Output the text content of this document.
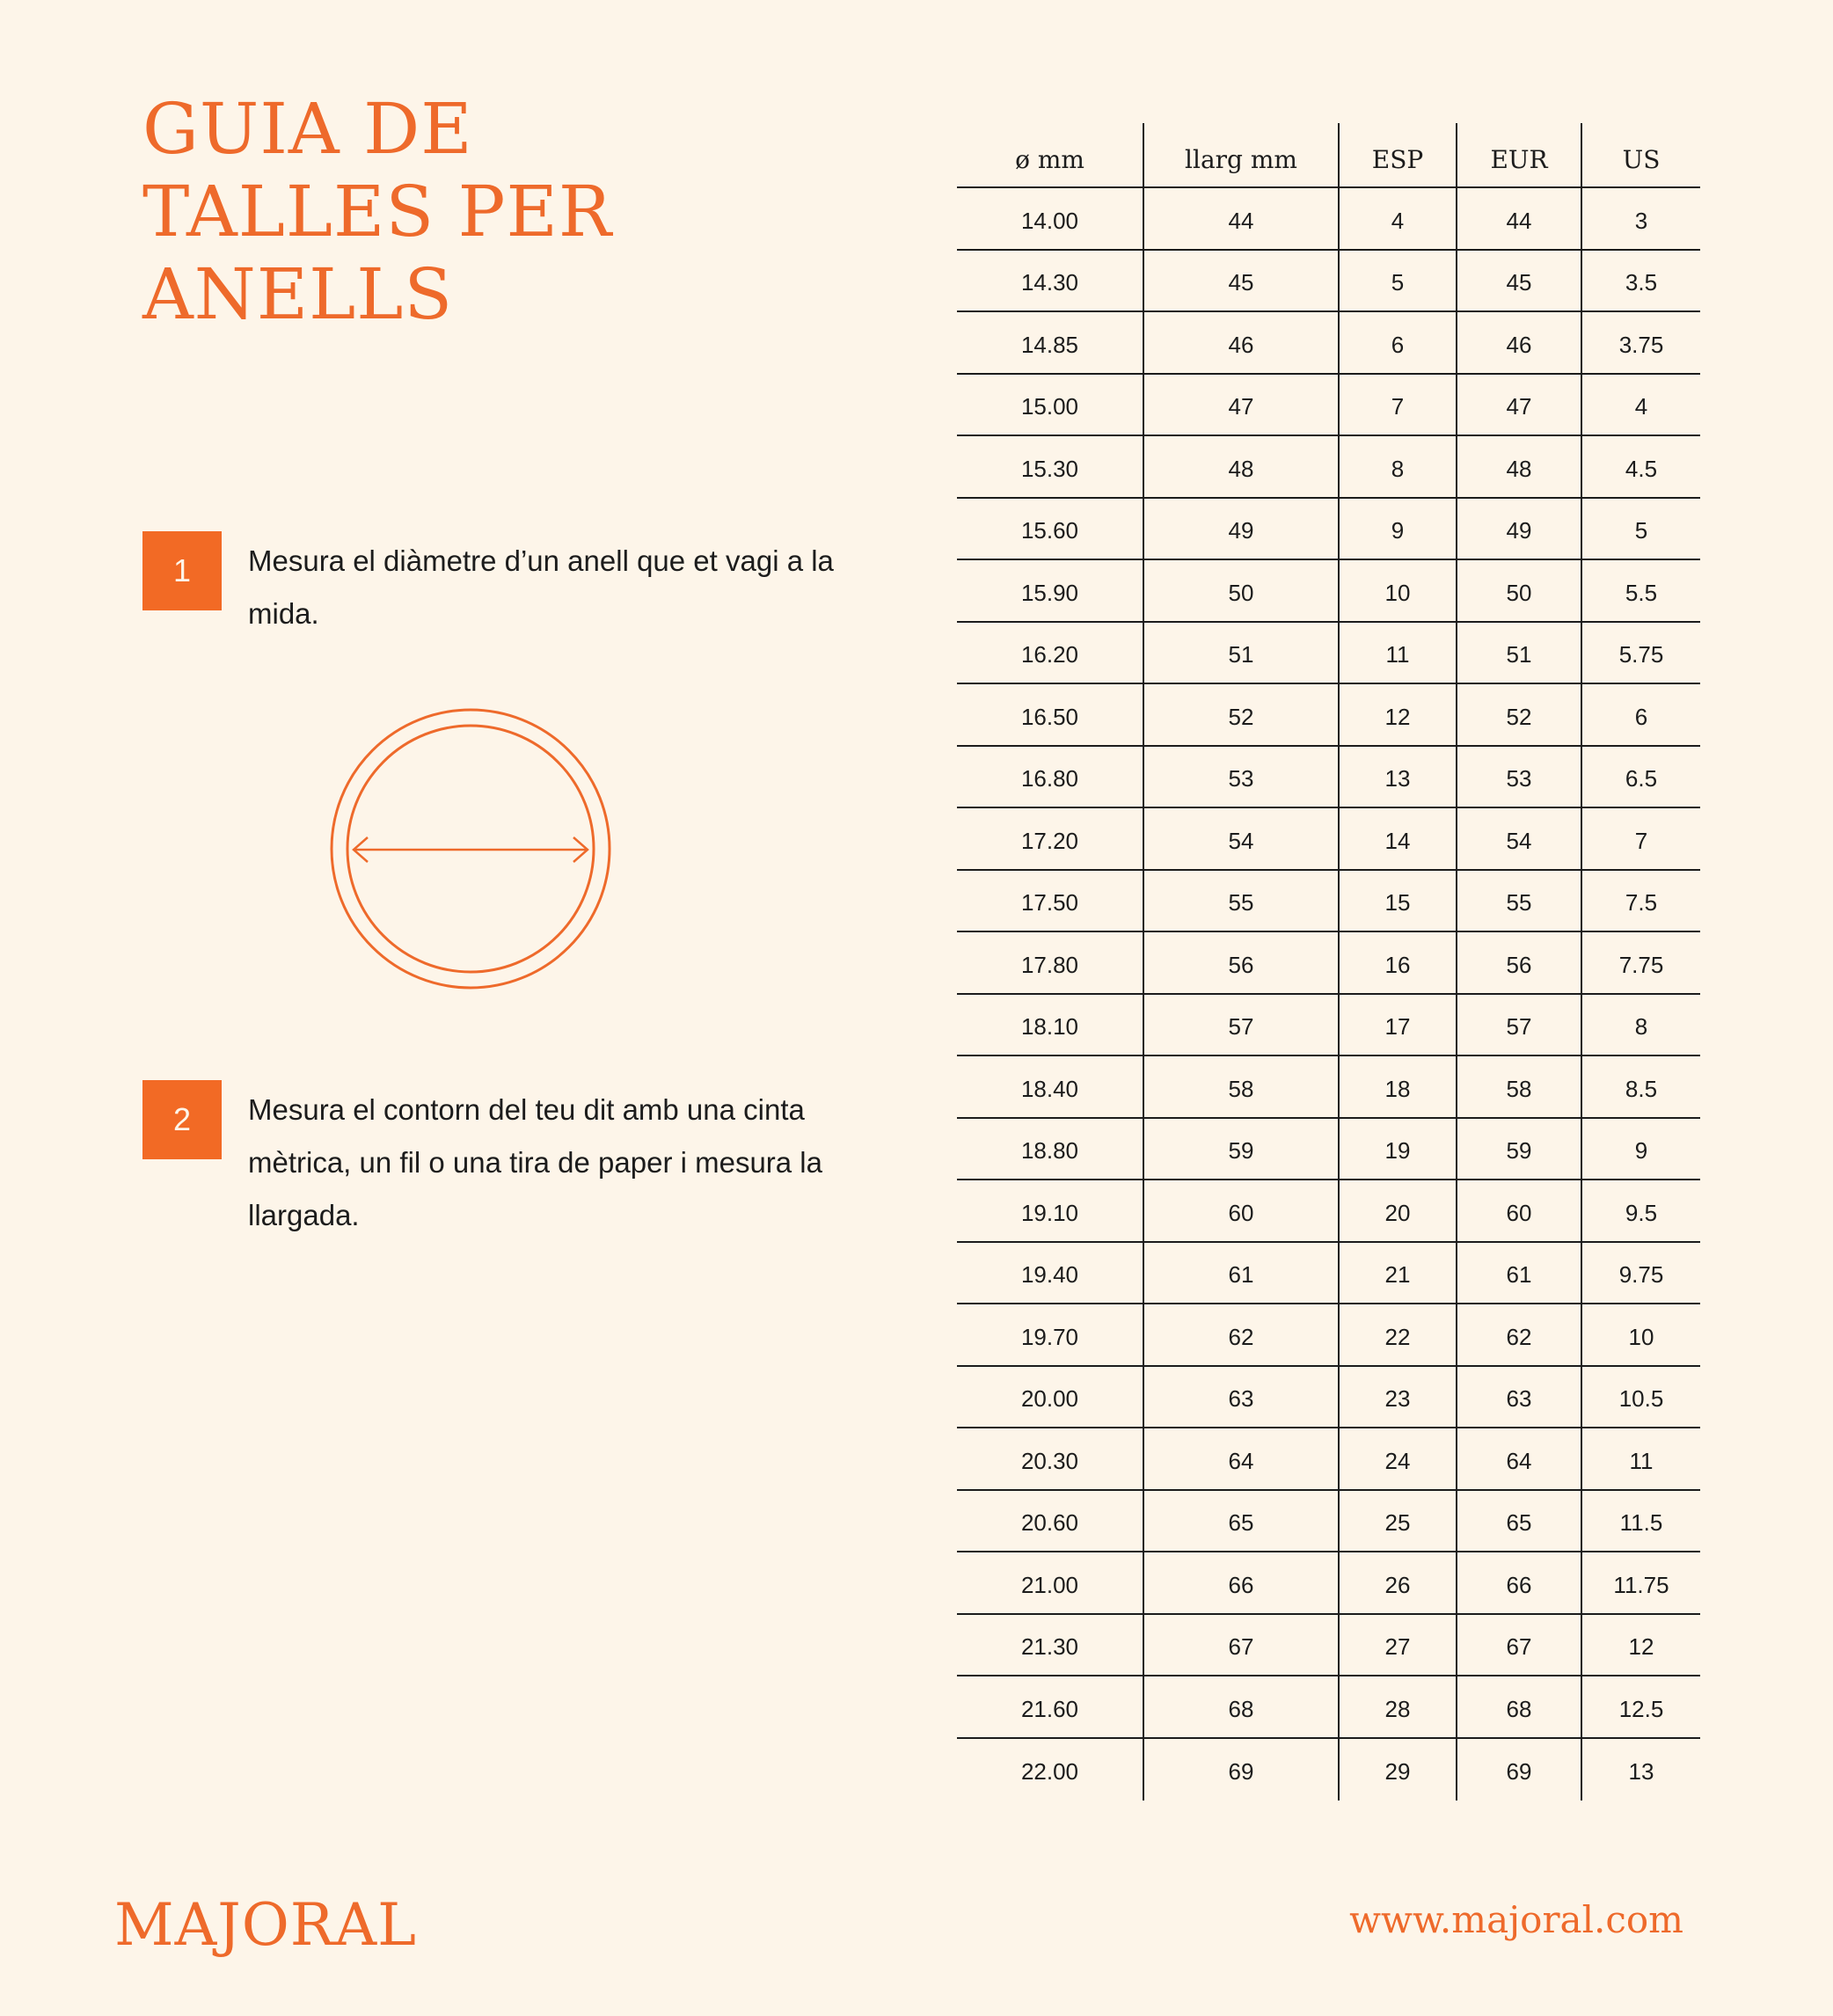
GUIA DE
TALLES PER
ANELLS
1	Mesura el diàmetre d’un anell que et vagi a la mida.
2	Mesura el contorn del teu dit amb una cinta mètrica, un fil o una tira de paper i mesura la llargada.
ø mm	llarg mm	ESP	EUR	US
14.00	44	4	44	3
14.30	45	5	45	3.5
14.85	46	6	46	3.75
15.00	47	7	47	4
15.30	48	8	48	4.5
15.60	49	9	49	5
15.90	50	10	50	5.5
16.20	51	11	51	5.75
16.50	52	12	52	6
16.80	53	13	53	6.5
17.20	54	14	54	7
17.50	55	15	55	7.5
17.80	56	16	56	7.75
18.10	57	17	57	8
18.40	58	18	58	8.5
18.80	59	19	59	9
19.10	60	20	60	9.5
19.40	61	21	61	9.75
19.70	62	22	62	10
20.00	63	23	63	10.5
20.30	64	24	64	11
20.60	65	25	65	11.5
21.00	66	26	66	11.75
21.30	67	27	67	12
21.60	68	28	68	12.5
22.00	69	29	69	13
MAJORAL	www.majoral.com
